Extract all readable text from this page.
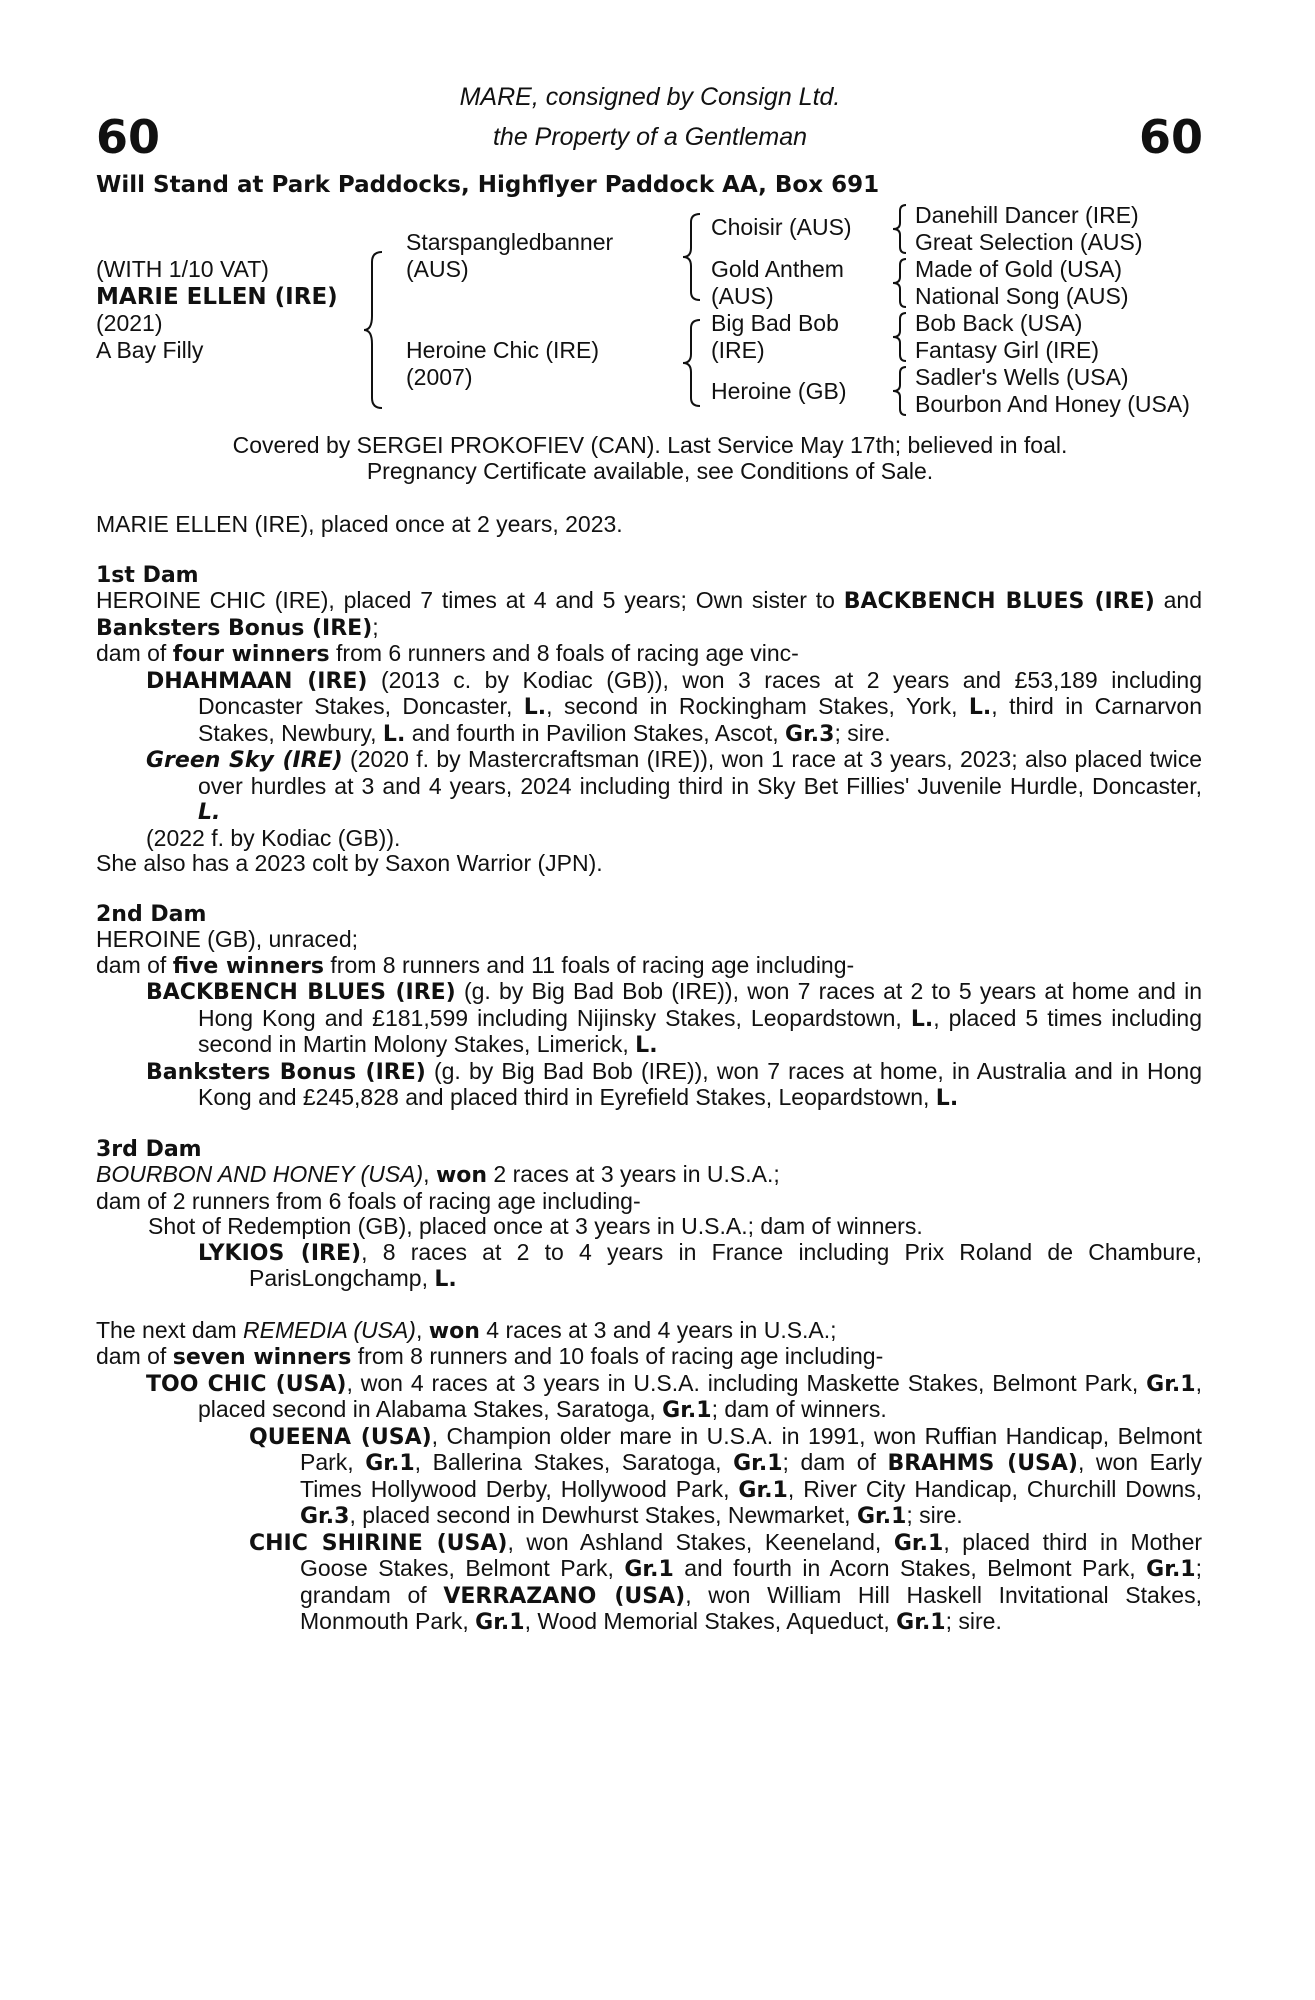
60	60
MARE, consigned by Consign Ltd.
the Property of a Gentleman
Will Stand at Park Paddocks, Highflyer Paddock AA, Box 691
(WITH 1/10 VAT)
MARIE ELLEN (IRE)
(2021)
A Bay Filly
Starspangledbanner
(AUS)
Heroine Chic (IRE)
(2007)
Choisir (AUS)
Gold Anthem
(AUS)
Big Bad Bob
(IRE)
Heroine (GB)
Danehill Dancer (IRE)
Great Selection (AUS)
Made of Gold (USA)
National Song (AUS)
Bob Back (USA)
Fantasy Girl (IRE)
Sadler's Wells (USA)
Bourbon And Honey (USA)
Covered by SERGEI PROKOFIEV (CAN). Last Service May 17th; believed in foal.
Pregnancy Certificate available, see Conditions of Sale.

MARIE ELLEN (IRE), placed once at 2 years, 2023.

1st Dam

HEROINE CHIC (IRE), placed 7 times at 4 and 5 years; Own sister to BACKBENCH BLUES (IRE) and Banksters Bonus (IRE);

dam of four winners from 6 runners and 8 foals of racing age vinc-

DHAHMAAN (IRE) (2013 c. by Kodiac (GB)), won 3 races at 2 years and £53,189 including Doncaster Stakes, Doncaster, L., second in Rockingham Stakes, York, L., third in Carnarvon Stakes, Newbury, L. and fourth in Pavilion Stakes, Ascot, Gr.3; sire.

Green Sky (IRE) (2020 f. by Mastercraftsman (IRE)), won 1 race at 3 years, 2023; also placed twice over hurdles at 3 and 4 years, 2024 including third in Sky Bet Fillies' Juvenile Hurdle, Doncaster, L.

(2022 f. by Kodiac (GB)).

She also has a 2023 colt by Saxon Warrior (JPN).

2nd Dam

HEROINE (GB), unraced;

dam of five winners from 8 runners and 11 foals of racing age including-

BACKBENCH BLUES (IRE) (g. by Big Bad Bob (IRE)), won 7 races at 2 to 5 years at home and in Hong Kong and £181,599 including Nijinsky Stakes, Leopardstown, L., placed 5 times including second in Martin Molony Stakes, Limerick, L.

Banksters Bonus (IRE) (g. by Big Bad Bob (IRE)), won 7 races at home, in Australia and in Hong Kong and £245,828 and placed third in Eyrefield Stakes, Leopardstown, L.

3rd Dam

BOURBON AND HONEY (USA), won 2 races at 3 years in U.S.A.;

dam of 2 runners from 6 foals of racing age including-

Shot of Redemption (GB), placed once at 3 years in U.S.A.; dam of winners.

LYKIOS (IRE), 8 races at 2 to 4 years in France including Prix Roland de Chambure, ParisLongchamp, L.

The next dam REMEDIA (USA), won 4 races at 3 and 4 years in U.S.A.;

dam of seven winners from 8 runners and 10 foals of racing age including-

TOO CHIC (USA), won 4 races at 3 years in U.S.A. including Maskette Stakes, Belmont Park, Gr.1, placed second in Alabama Stakes, Saratoga, Gr.1; dam of winners.

QUEENA (USA), Champion older mare in U.S.A. in 1991, won Ruffian Handicap, Belmont Park, Gr.1, Ballerina Stakes, Saratoga, Gr.1; dam of BRAHMS (USA), won Early Times Hollywood Derby, Hollywood Park, Gr.1, River City Handicap, Churchill Downs, Gr.3, placed second in Dewhurst Stakes, Newmarket, Gr.1; sire.

CHIC SHIRINE (USA), won Ashland Stakes, Keeneland, Gr.1, placed third in Mother Goose Stakes, Belmont Park, Gr.1 and fourth in Acorn Stakes, Belmont Park, Gr.1; grandam of VERRAZANO (USA), won William Hill Haskell Invitational Stakes, Monmouth Park, Gr.1, Wood Memorial Stakes, Aqueduct, Gr.1; sire.
